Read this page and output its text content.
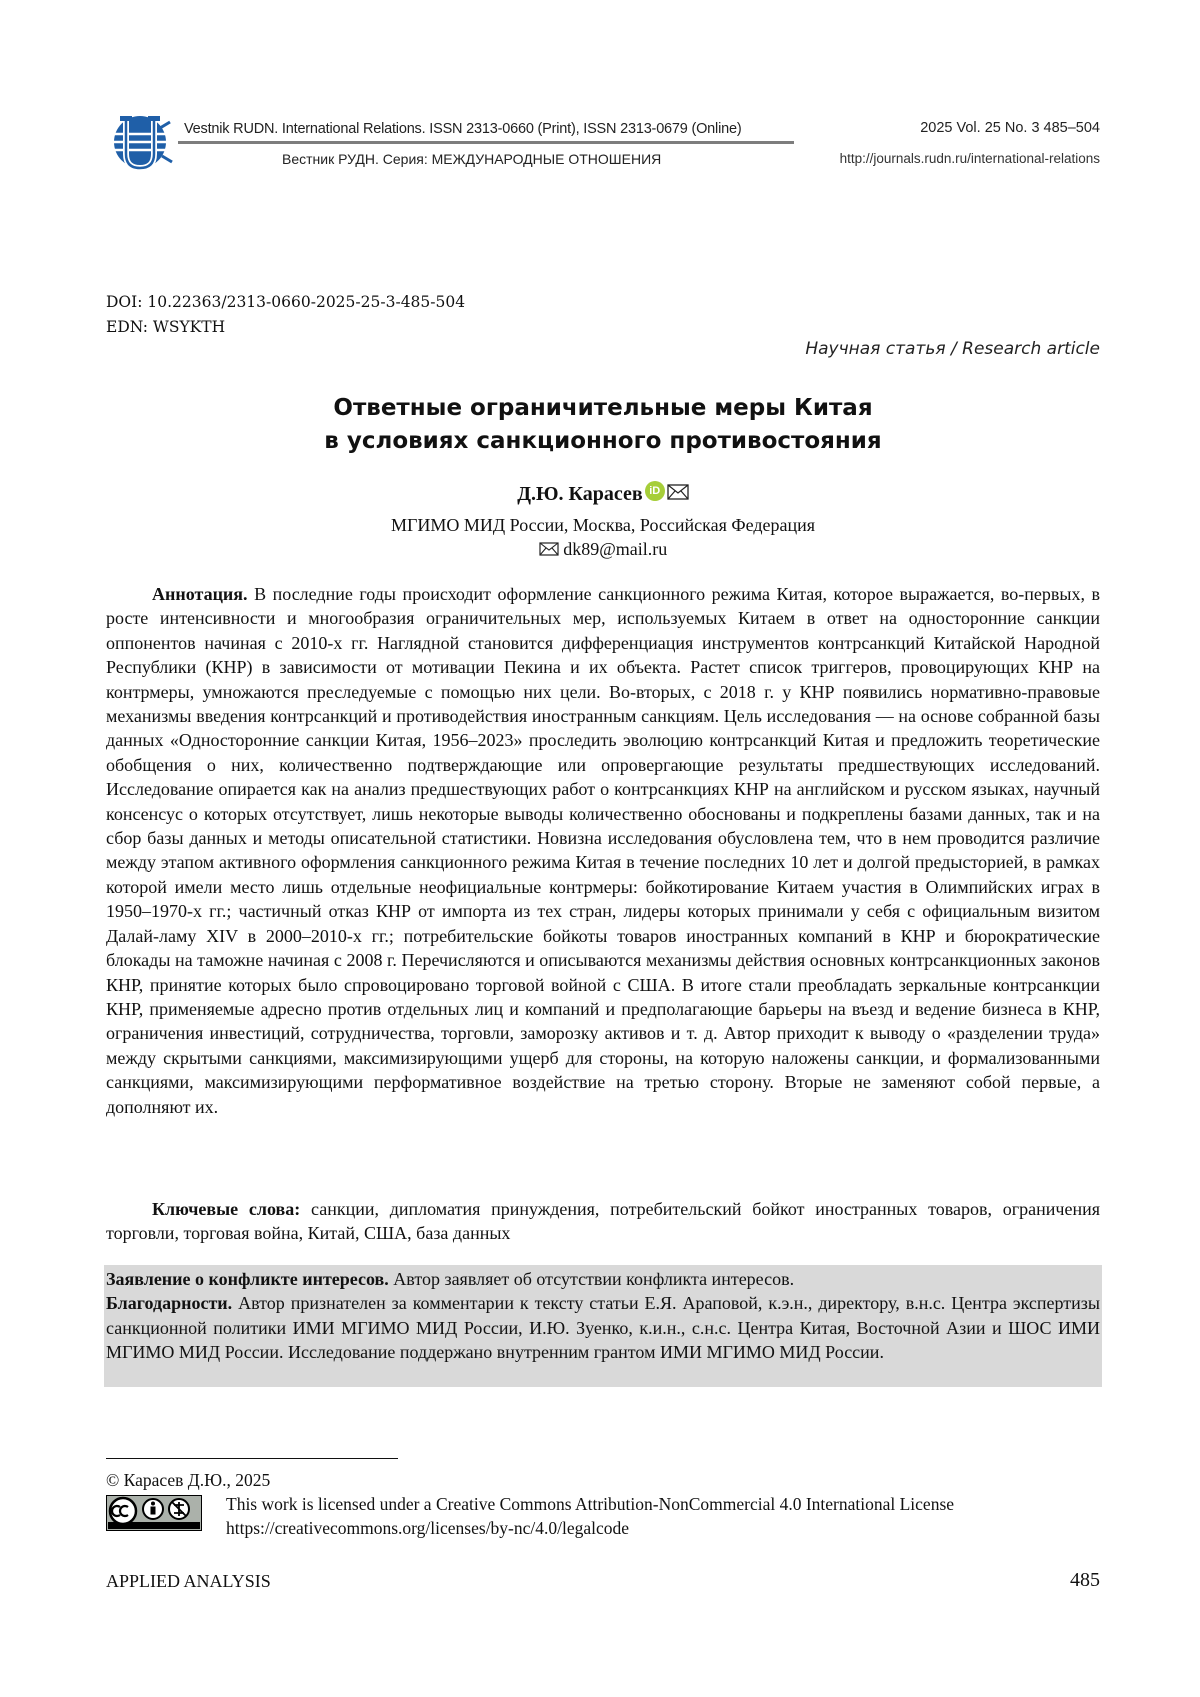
Vestnik RUDN. International Relations. ISSN 2313-0660 (Print), ISSN 2313-0679 (Online)
Вестник РУДН. Серия: МЕЖДУНАРОДНЫЕ ОТНОШЕНИЯ
2025 Vol. 25 No. 3 485–504
http://journals.rudn.ru/international-relations
DOI: 10.22363/2313-0660-2025-25-3-485-504
EDN: WSYKTH
Научная статья / Research article
Ответные ограничительные меры Китая
в условиях санкционного противостояния
Д.Ю. Карасев iD
МГИМО МИД России, Москва, Российская Федерация
dk89@mail.ru

Аннотация. В последние годы происходит оформление санкционного режима Китая, которое выражается, во-первых, в росте интенсивности и многообразия ограничительных мер, используемых Китаем в ответ на односторонние санкции оппонентов начиная с 2010-х гг. Наглядной становится дифференциация инструментов контрсанкций Китайской Народной Республики (КНР) в зависимости от мотивации Пекина и их объекта. Растет список триггеров, провоцирующих КНР на контрмеры, умножаются преследуемые с помощью них цели. Во-вторых, с 2018 г. у КНР появились нормативно-правовые механизмы введения контрсанкций и противодействия иностранным санкциям. Цель исследования — на основе собранной базы данных «Односторонние санкции Китая, 1956–2023» проследить эволюцию контрсанкций Китая и предложить теоретические обобщения о них, количественно подтверждающие или опровергающие результаты предшествующих исследований. Исследование опирается как на анализ предшествующих работ о контрсанкциях КНР на английском и русском языках, научный консенсус о которых отсутствует, лишь некоторые выводы количественно обоснованы и подкреплены базами данных, так и на сбор базы данных и методы описательной статистики. Новизна исследования обусловлена тем, что в нем проводится различие между этапом активного оформления санкционного режима Китая в течение последних 10 лет и долгой предысторией, в рамках которой имели место лишь отдельные неофициальные контрмеры: бойкотирование Китаем участия в Олимпийских играх в 1950–1970-х гг.; частичный отказ КНР от импорта из тех стран, лидеры которых принимали у себя с официальным визитом Далай-ламу XIV в 2000–2010-х гг.; потребительские бойкоты товаров иностранных компаний в КНР и бюрократические блокады на таможне начиная с 2008 г. Перечисляются и описываются механизмы действия основных контрсанкционных законов КНР, принятие которых было спровоцировано торговой войной с США. В итоге стали преобладать зеркальные контрсанкции КНР, применяемые адресно против отдельных лиц и компаний и предполагающие барьеры на въезд и ведение бизнеса в КНР, ограничения инвестиций, сотрудничества, торговли, заморозку активов и т. д. Автор приходит к выводу о «разделении труда» между скрытыми санкциями, максимизирующими ущерб для стороны, на которую наложены санкции, и формализованными санкциями, максимизирующими перформативное воздействие на третью сторону. Вторые не заменяют собой первые, а дополняют их.

Ключевые слова: санкции, дипломатия принуждения, потребительский бойкот иностранных товаров, ограничения торговли, торговая война, Китай, США, база данных

Заявление о конфликте интересов. Автор заявляет об отсутствии конфликта интересов.

Благодарности. Автор признателен за комментарии к тексту статьи Е.Я. Араповой, к.э.н., директору, в.н.с. Центра экспертизы санкционной политики ИМИ МГИМО МИД России, И.Ю. Зуенко, к.и.н., с.н.с. Центра Китая, Восточной Азии и ШОС ИМИ МГИМО МИД России. Исследование поддержано внутренним грантом ИМИ МГИМО МИД России.

© Карасев Д.Ю., 2025
This work is licensed under a Creative Commons Attribution-NonCommercial 4.0 International License
https://creativecommons.org/licenses/by-nc/4.0/legalcode
APPLIED ANALYSIS	485
